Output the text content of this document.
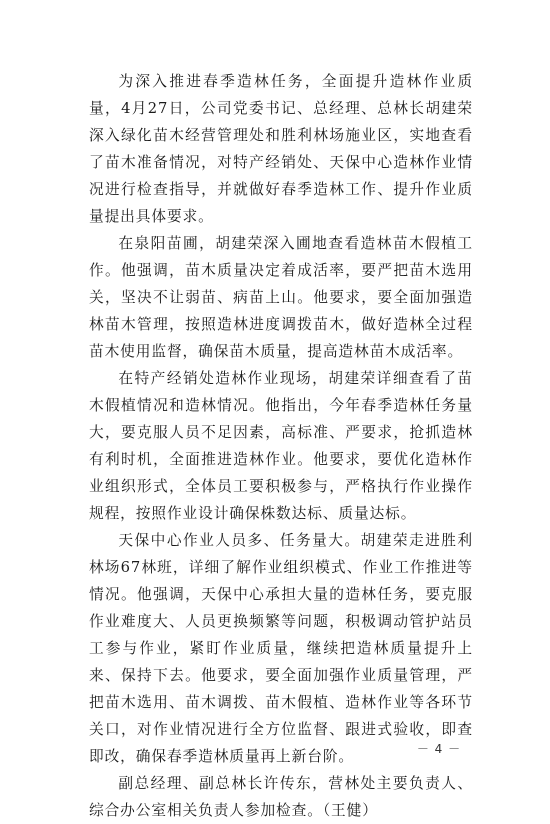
为深入推进春季造林任务，全面提升造林作业质量，4月27日，公司党委书记、总经理、总林长胡建荣深入绿化苗木经营管理处和胜利林场施业区，实地查看了苗木准备情况，对特产经销处、天保中心造林作业情况进行检查指导，并就做好春季造林工作、提升作业质量提出具体要求。

在泉阳苗圃，胡建荣深入圃地查看造林苗木假植工作。他强调，苗木质量决定着成活率，要严把苗木选用关，坚决不让弱苗、病苗上山。他要求，要全面加强造林苗木管理，按照造林进度调拨苗木，做好造林全过程苗木使用监督，确保苗木质量，提高造林苗木成活率。

在特产经销处造林作业现场，胡建荣详细查看了苗木假植情况和造林情况。他指出，今年春季造林任务量大，要克服人员不足因素，高标准、严要求，抢抓造林有利时机，全面推进造林作业。他要求，要优化造林作业组织形式，全体员工要积极参与，严格执行作业操作规程，按照作业设计确保株数达标、质量达标。

天保中心作业人员多、任务量大。胡建荣走进胜利林场67林班，详细了解作业组织模式、作业工作推进等情况。他强调，天保中心承担大量的造林任务，要克服作业难度大、人员更换频繁等问题，积极调动管护站员工参与作业，紧盯作业质量，继续把造林质量提升上来、保持下去。他要求，要全面加强作业质量管理，严把苗木选用、苗木调拨、苗木假植、造林作业等各环节关口，对作业情况进行全方位监督、跟进式验收，即查即改，确保春季造林质量再上新台阶。

副总经理、副总林长许传东，营林处主要负责人、综合办公室相关负责人参加检查。（王健）

－ 4 －
